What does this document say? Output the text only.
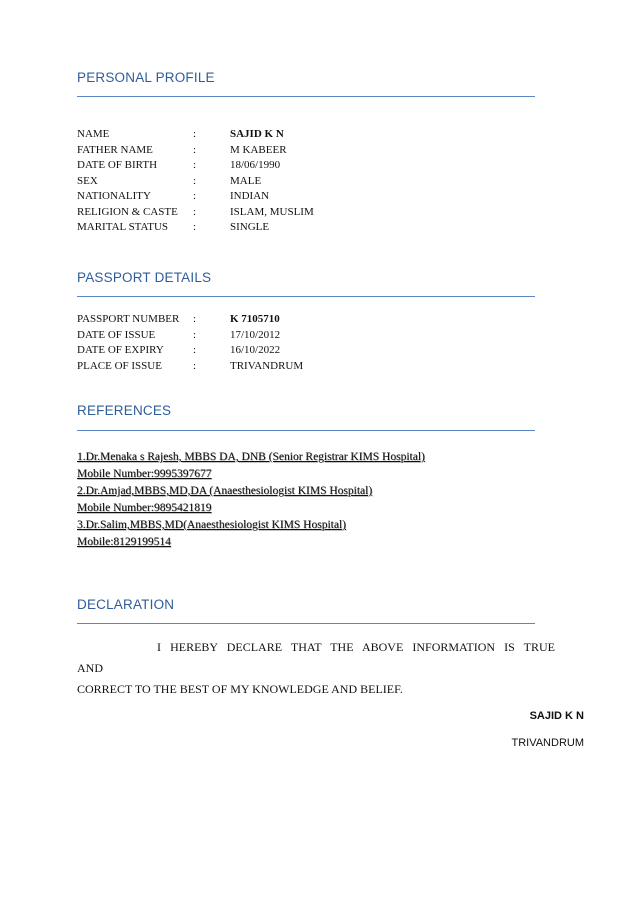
PERSONAL PROFILE
NAME	:	SAJID K N
FATHER NAME	:	M KABEER
DATE OF BIRTH	:	18/06/1990
SEX	:	MALE
NATIONALITY	:	INDIAN
RELIGION & CASTE :	ISLAM, MUSLIM
MARITAL STATUS :	SINGLE
PASSPORT DETAILS
PASSPORT NUMBER :	K 7105710
DATE OF ISSUE	:	17/10/2012
DATE OF EXPIRY	:	16/10/2022
PLACE OF ISSUE	:	TRIVANDRUM
REFERENCES
1.Dr.Menaka s Rajesh, MBBS DA, DNB (Senior Registrar KIMS Hospital)
Mobile Number:9995397677
2.Dr.Amjad,MBBS,MD,DA (Anaesthesiologist KIMS Hospital)
Mobile Number:9895421819
3.Dr.Salim,MBBS,MD(Anaesthesiologist KIMS Hospital)
Mobile:8129199514
DECLARATION
I HEREBY DECLARE THAT THE ABOVE INFORMATION IS TRUE AND
CORRECT TO THE BEST OF MY KNOWLEDGE AND BELIEF.
SAJID K N
TRIVANDRUM
